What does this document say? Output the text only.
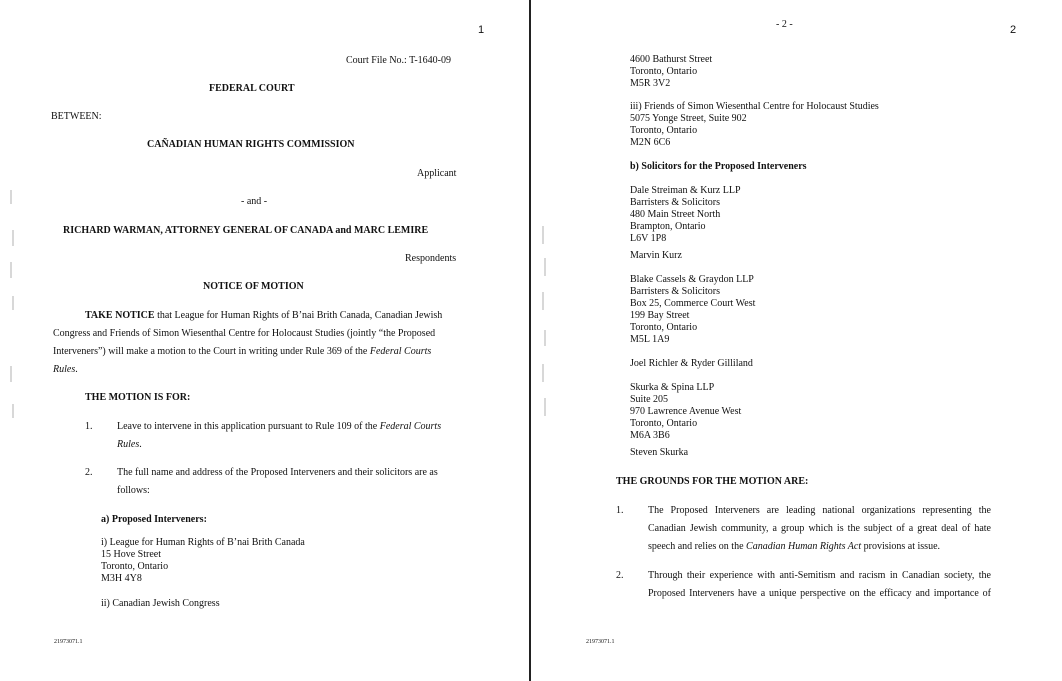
1
Court File No.: T-1640-09
FEDERAL COURT
BETWEEN:
CAÑADIAN HUMAN RIGHTS COMMISSION
Applicant
- and -
RICHARD WARMAN, ATTORNEY GENERAL OF CANADA and MARC LEMIRE
Respondents
NOTICE OF MOTION
TAKE NOTICE that League for Human Rights of B’nai Brith Canada, Canadian Jewish
Congress and Friends of Simon Wiesenthal Centre for Holocaust Studies (jointly “the Proposed
Interveners”) will make a motion to the Court in writing under Rule 369 of the Federal Courts
Rules.
THE MOTION IS FOR:
1. Leave to intervene in this application pursuant to Rule 109 of the Federal Courts
Rules.
2. The full name and address of the Proposed Interveners and their solicitors are as
follows:
a) Proposed Interveners:
i) League for Human Rights of B’nai Brith Canada
15 Hove Street
Toronto, Ontario
M3H 4Y8
ii) Canadian Jewish Congress
21973071.1
- 2 -	2
4600 Bathurst Street
Toronto, Ontario
M5R 3V2
iii) Friends of Simon Wiesenthal Centre for Holocaust Studies
5075 Yonge Street, Suite 902
Toronto, Ontario
M2N 6C6
b) Solicitors for the Proposed Interveners
Dale Streiman & Kurz LLP
Barristers & Solicitors
480 Main Street North
Brampton, Ontario
L6V 1P8
Marvin Kurz
Blake Cassels & Graydon LLP
Barristers & Solicitors
Box 25, Commerce Court West
199 Bay Street
Toronto, Ontario
M5L 1A9
Joel Richler & Ryder Gilliland
Skurka & Spina LLP
Suite 205
970 Lawrence Avenue West
Toronto, Ontario
M6A 3B6
Steven Skurka
THE GROUNDS FOR THE MOTION ARE:
1. The Proposed Interveners are leading national organizations representing the
Canadian Jewish community, a group which is the subject of a great deal of hate
speech and relies on the Canadian Human Rights Act provisions at issue.
2. Through their experience with anti-Semitism and racism in Canadian society, the
Proposed Interveners have a unique perspective on the efficacy and importance of
21973071.1
